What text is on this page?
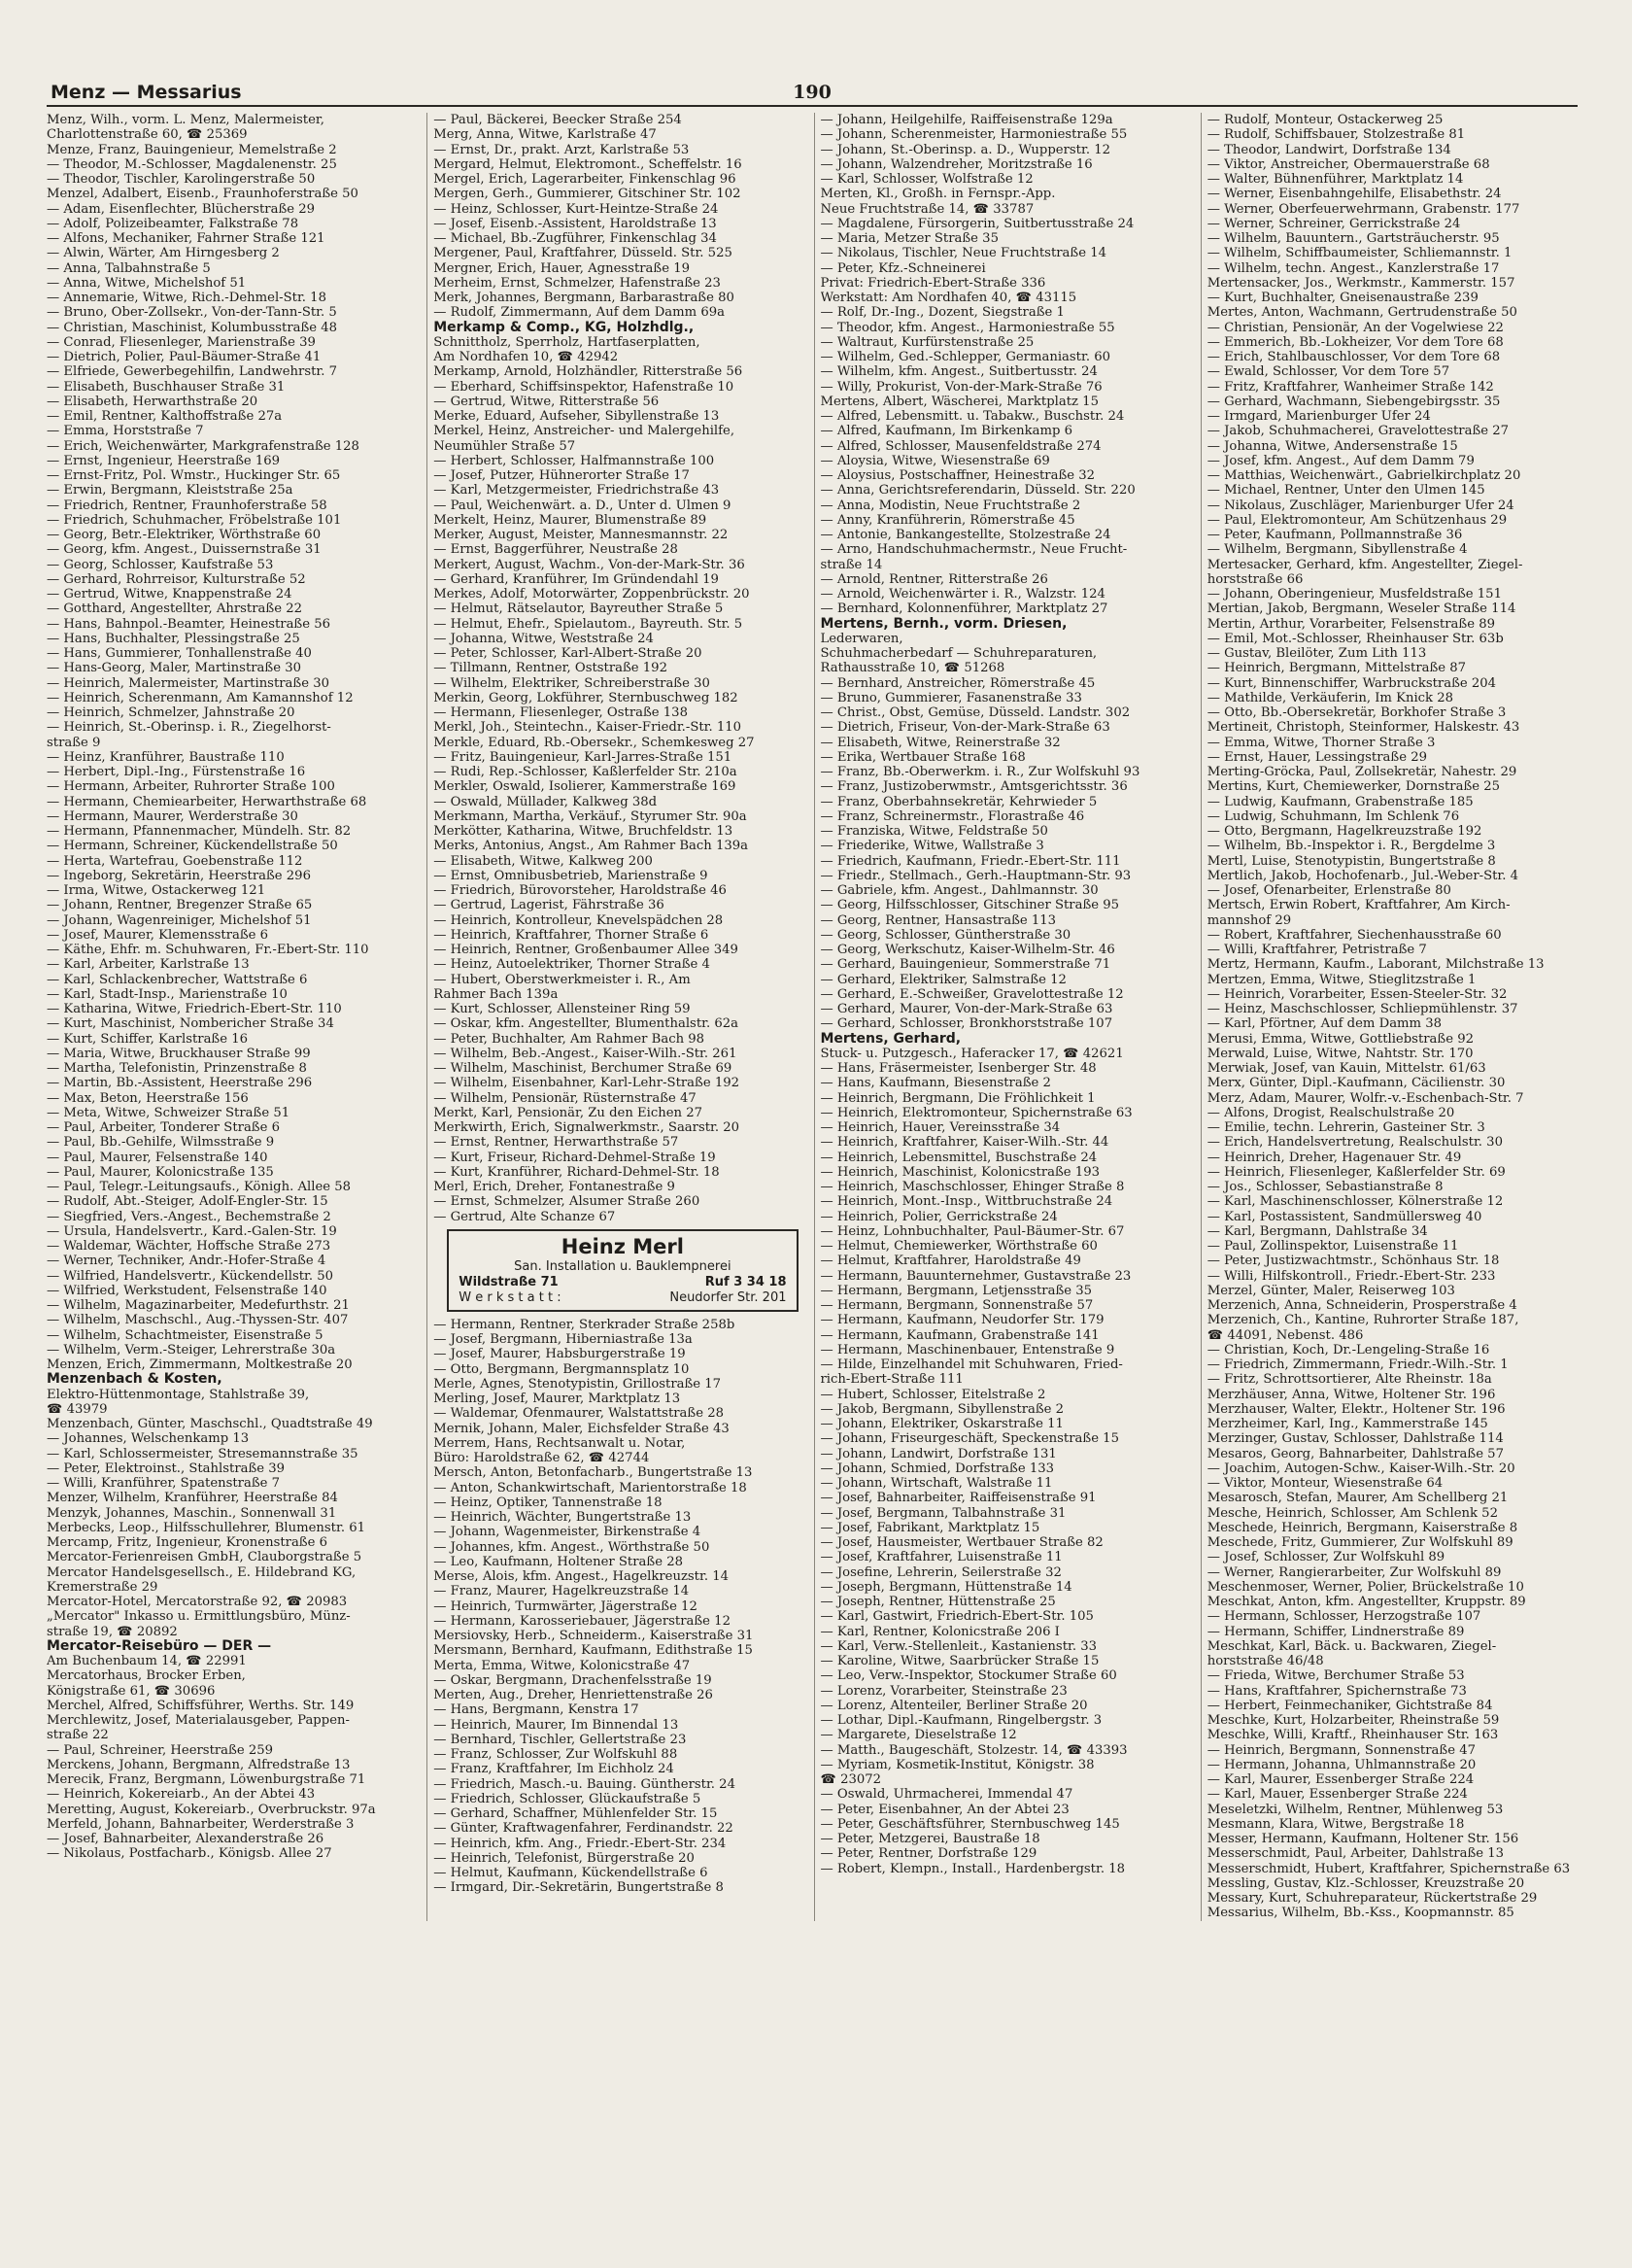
Menz — Messarius	190
Menz, Wilh., vorm. L. Menz, Malermeister,
Charlottenstraße 60, ☎ 25369
Menze, Franz, Bauingenieur, Memelstraße 2
— Theodor, M.-Schlosser, Magdalenenstr. 25
— Theodor, Tischler, Karolingerstraße 50
Menzel, Adalbert, Eisenb., Fraunhoferstraße 50
— Adam, Eisenflechter, Blücherstraße 29
— Adolf, Polizeibeamter, Falkstraße 78
— Alfons, Mechaniker, Fahrner Straße 121
— Alwin, Wärter, Am Hirngesberg 2
— Anna, Talbahnstraße 5
— Anna, Witwe, Michelshof 51
— Annemarie, Witwe, Rich.-Dehmel-Str. 18
— Bruno, Ober-Zollsekr., Von-der-Tann-Str. 5
— Christian, Maschinist, Kolumbusstraße 48
— Conrad, Fliesenleger, Marienstraße 39
— Dietrich, Polier, Paul-Bäumer-Straße 41
— Elfriede, Gewerbegehilfin, Landwehrstr. 7
— Elisabeth, Buschhauser Straße 31
— Elisabeth, Herwarthstraße 20
— Emil, Rentner, Kalthoffstraße 27a
— Emma, Horststraße 7
— Erich, Weichenwärter, Markgrafenstraße 128
— Ernst, Ingenieur, Heerstraße 169
— Ernst-Fritz, Pol. Wmstr., Huckinger Str. 65
— Erwin, Bergmann, Kleiststraße 25a
— Friedrich, Rentner, Fraunhoferstraße 58
— Friedrich, Schuhmacher, Fröbelstraße 101
— Georg, Betr.-Elektriker, Wörthstraße 60
— Georg, kfm. Angest., Duissernstraße 31
— Georg, Schlosser, Kaufstraße 53
— Gerhard, Rohrreisor, Kulturstraße 52
— Gertrud, Witwe, Knappenstraße 24
— Gotthard, Angestellter, Ahrstraße 22
— Hans, Bahnpol.-Beamter, Heinestraße 56
— Hans, Buchhalter, Plessingstraße 25
— Hans, Gummierer, Tonhallenstraße 40
— Hans-Georg, Maler, Martinstraße 30
— Heinrich, Malermeister, Martinstraße 30
— Heinrich, Scherenmann, Am Kamannshof 12
— Heinrich, Schmelzer, Jahnstraße 20
— Heinrich, St.-Oberinsp. i. R., Ziegelhorst-
straße 9
— Heinz, Kranführer, Baustraße 110
— Herbert, Dipl.-Ing., Fürstenstraße 16
— Hermann, Arbeiter, Ruhrorter Straße 100
— Hermann, Chemiearbeiter, Herwarthstraße 68
— Hermann, Maurer, Werderstraße 30
— Hermann, Pfannenmacher, Mündelh. Str. 82
— Hermann, Schreiner, Kückendellstraße 50
— Herta, Wartefrau, Goebenstraße 112
— Ingeborg, Sekretärin, Heerstraße 296
— Irma, Witwe, Ostackerweg 121
— Johann, Rentner, Bregenzer Straße 65
— Johann, Wagenreiniger, Michelshof 51
— Josef, Maurer, Klemensstraße 6
— Käthe, Ehfr. m. Schuhwaren, Fr.-Ebert-Str. 110
— Karl, Arbeiter, Karlstraße 13
— Karl, Schlackenbrecher, Wattstraße 6
— Karl, Stadt-Insp., Marienstraße 10
— Katharina, Witwe, Friedrich-Ebert-Str. 110
— Kurt, Maschinist, Nombericher Straße 34
— Kurt, Schiffer, Karlstraße 16
— Maria, Witwe, Bruckhauser Straße 99
— Martha, Telefonistin, Prinzenstraße 8
— Martin, Bb.-Assistent, Heerstraße 296
— Max, Beton, Heerstraße 156
— Meta, Witwe, Schweizer Straße 51
— Paul, Arbeiter, Tonderer Straße 6
— Paul, Bb.-Gehilfe, Wilmsstraße 9
— Paul, Maurer, Felsenstraße 140
— Paul, Maurer, Kolonicstraße 135
— Paul, Telegr.-Leitungsaufs., Königh. Allee 58
— Rudolf, Abt.-Steiger, Adolf-Engler-Str. 15
— Siegfried, Vers.-Angest., Bechemstraße 2
— Ursula, Handelsvertr., Kard.-Galen-Str. 19
— Waldemar, Wächter, Hoffsche Straße 273
— Werner, Techniker, Andr.-Hofer-Straße 4
— Wilfried, Handelsvertr., Kückendellstr. 50
— Wilfried, Werkstudent, Felsenstraße 140
— Wilhelm, Magazinarbeiter, Medefurthstr. 21
— Wilhelm, Maschschl., Aug.-Thyssen-Str. 407
— Wilhelm, Schachtmeister, Eisenstraße 5
— Wilhelm, Verm.-Steiger, Lehrerstraße 30a
Menzen, Erich, Zimmermann, Moltkestraße 20
Menzenbach & Kosten,
Elektro-Hüttenmontage, Stahlstraße 39,
☎ 43979
Menzenbach, Günter, Maschschl., Quadtstraße 49
— Johannes, Welschenkamp 13
— Karl, Schlossermeister, Stresemannstraße 35
— Peter, Elektroinst., Stahlstraße 39
— Willi, Kranführer, Spatenstraße 7
Menzer, Wilhelm, Kranführer, Heerstraße 84
Menzyk, Johannes, Maschin., Sonnenwall 31
Merbecks, Leop., Hilfsschullehrer, Blumenstr. 61
Mercamp, Fritz, Ingenieur, Kronenstraße 6
Mercator-Ferienreisen GmbH, Clauborgstraße 5
Mercator Handelsgesellsch., E. Hildebrand KG,
Kremerstraße 29
Mercator-Hotel, Mercatorstraße 92, ☎ 20983
„Mercator" Inkasso u. Ermittlungsbüro, Münz-
straße 19, ☎ 20892
Mercator-Reisebüro — DER —
Am Buchenbaum 14, ☎ 22991
Mercatorhaus, Brocker Erben,
Königstraße 61, ☎ 30696
Merchel, Alfred, Schiffsführer, Werths. Str. 149
Merchlewitz, Josef, Materialausgeber, Pappen-
straße 22
— Paul, Schreiner, Heerstraße 259
Merckens, Johann, Bergmann, Alfredstraße 13
Merecik, Franz, Bergmann, Löwenburgstraße 71
— Heinrich, Kokereiarb., An der Abtei 43
Meretting, August, Kokereiarb., Overbruckstr. 97a
Merfeld, Johann, Bahnarbeiter, Werderstraße 3
— Josef, Bahnarbeiter, Alexanderstraße 26
— Nikolaus, Postfacharb., Königsb. Allee 27
— Paul, Bäckerei, Beecker Straße 254
Merg, Anna, Witwe, Karlstraße 47
— Ernst, Dr., prakt. Arzt, Karlstraße 53
Mergard, Helmut, Elektromont., Scheffelstr. 16
Mergel, Erich, Lagerarbeiter, Finkenschlag 96
Mergen, Gerh., Gummierer, Gitschiner Str. 102
— Heinz, Schlosser, Kurt-Heintze-Straße 24
— Josef, Eisenb.-Assistent, Haroldstraße 13
— Michael, Bb.-Zugführer, Finkenschlag 34
Mergener, Paul, Kraftfahrer, Düsseld. Str. 525
Mergner, Erich, Hauer, Agnesstraße 19
Merheim, Ernst, Schmelzer, Hafenstraße 23
Merk, Johannes, Bergmann, Barbarastraße 80
— Rudolf, Zimmermann, Auf dem Damm 69a
Merkamp & Comp., KG, Holzhdlg.,
Schnittholz, Sperrholz, Hartfaserplatten,
Am Nordhafen 10, ☎ 42942
Merkamp, Arnold, Holzhändler, Ritterstraße 56
— Eberhard, Schiffsinspektor, Hafenstraße 10
— Gertrud, Witwe, Ritterstraße 56
Merke, Eduard, Aufseher, Sibyllenstraße 13
Merkel, Heinz, Anstreicher- und Malergehilfe,
Neumühler Straße 57
— Herbert, Schlosser, Halfmannstraße 100
— Josef, Putzer, Hühnerorter Straße 17
— Karl, Metzgermeister, Friedrichstraße 43
— Paul, Weichenwärt. a. D., Unter d. Ulmen 9
Merkelt, Heinz, Maurer, Blumenstraße 89
Merker, August, Meister, Mannesmannstr. 22
— Ernst, Baggerführer, Neustraße 28
Merkert, August, Wachm., Von-der-Mark-Str. 36
— Gerhard, Kranführer, Im Gründendahl 19
Merkes, Adolf, Motorwärter, Zoppenbrückstr. 20
— Helmut, Rätselautor, Bayreuther Straße 5
— Helmut, Ehefr., Spielautom., Bayreuth. Str. 5
— Johanna, Witwe, Weststraße 24
— Peter, Schlosser, Karl-Albert-Straße 20
— Tillmann, Rentner, Oststraße 192
— Wilhelm, Elektriker, Schreiberstraße 30
Merkin, Georg, Lokführer, Sternbuschweg 182
— Hermann, Fliesenleger, Ostraße 138
Merkl, Joh., Steintechn., Kaiser-Friedr.-Str. 110
Merkle, Eduard, Rb.-Obersekr., Schemkesweg 27
— Fritz, Bauingenieur, Karl-Jarres-Straße 151
— Rudi, Rep.-Schlosser, Kaßlerfelder Str. 210a
Merkler, Oswald, Isolierer, Kammerstraße 169
— Oswald, Müllader, Kalkweg 38d
Merkmann, Martha, Verkäuf., Styrumer Str. 90a
Merkötter, Katharina, Witwe, Bruchfeldstr. 13
Merks, Antonius, Angst., Am Rahmer Bach 139a
— Elisabeth, Witwe, Kalkweg 200
— Ernst, Omnibusbetrieb, Marienstraße 9
— Friedrich, Bürovorsteher, Haroldstraße 46
— Gertrud, Lagerist, Fährstraße 36
— Heinrich, Kontrolleur, Knevelspädchen 28
— Heinrich, Kraftfahrer, Thorner Straße 6
— Heinrich, Rentner, Großenbaumer Allee 349
— Heinz, Autoelektriker, Thorner Straße 4
— Hubert, Oberstwerkmeister i. R., Am
Rahmer Bach 139a
— Kurt, Schlosser, Allensteiner Ring 59
— Oskar, kfm. Angestellter, Blumenthalstr. 62a
— Peter, Buchhalter, Am Rahmer Bach 98
— Wilhelm, Beb.-Angest., Kaiser-Wilh.-Str. 261
— Wilhelm, Maschinist, Berchumer Straße 69
— Wilhelm, Eisenbahner, Karl-Lehr-Straße 192
— Wilhelm, Pensionär, Rüsternstraße 47
Merkt, Karl, Pensionär, Zu den Eichen 27
Merkwirth, Erich, Signalwerkmstr., Saarstr. 20
— Ernst, Rentner, Herwarthstraße 57
— Kurt, Friseur, Richard-Dehmel-Straße 19
— Kurt, Kranführer, Richard-Dehmel-Str. 18
Merl, Erich, Dreher, Fontanestraße 9
— Ernst, Schmelzer, Alsumer Straße 260
— Gertrud, Alte Schanze 67
Heinz Merl
San. Installation u. Bauklempnerei
Wildstraße 71	Ruf 3 34 18
W e r k s t a t t :	Neudorfer Str. 201
— Hermann, Rentner, Sterkrader Straße 258b
— Josef, Bergmann, Hiberniastraße 13a
— Josef, Maurer, Habsburgerstraße 19
— Otto, Bergmann, Bergmannsplatz 10
Merle, Agnes, Stenotypistin, Grillostraße 17
Merling, Josef, Maurer, Marktplatz 13
— Waldemar, Ofenmaurer, Walstattstraße 28
Mernik, Johann, Maler, Eichsfelder Straße 43
Merrem, Hans, Rechtsanwalt u. Notar,
Büro: Haroldstraße 62, ☎ 42744
Mersch, Anton, Betonfacharb., Bungertstraße 13
— Anton, Schankwirtschaft, Marientorstraße 18
— Heinz, Optiker, Tannenstraße 18
— Heinrich, Wächter, Bungertstraße 13
— Johann, Wagenmeister, Birkenstraße 4
— Johannes, kfm. Angest., Wörthstraße 50
— Leo, Kaufmann, Holtener Straße 28
Merse, Alois, kfm. Angest., Hagelkreuzstr. 14
— Franz, Maurer, Hagelkreuzstraße 14
— Heinrich, Turmwärter, Jägerstraße 12
— Hermann, Karosseriebauer, Jägerstraße 12
Mersiovsky, Herb., Schneiderm., Kaiserstraße 31
Mersmann, Bernhard, Kaufmann, Edithstraße 15
Merta, Emma, Witwe, Kolonicstraße 47
— Oskar, Bergmann, Drachenfelsstraße 19
Merten, Aug., Dreher, Henriettenstraße 26
— Hans, Bergmann, Kenstra 17
— Heinrich, Maurer, Im Binnendal 13
— Bernhard, Tischler, Gellertstraße 23
— Franz, Schlosser, Zur Wolfskuhl 88
— Franz, Kraftfahrer, Im Eichholz 24
— Friedrich, Masch.-u. Bauing. Güntherstr. 24
— Friedrich, Schlosser, Glückaufstraße 5
— Gerhard, Schaffner, Mühlenfelder Str. 15
— Günter, Kraftwagenfahrer, Ferdinandstr. 22
— Heinrich, kfm. Ang., Friedr.-Ebert-Str. 234
— Heinrich, Telefonist, Bürgerstraße 20
— Helmut, Kaufmann, Kückendellstraße 6
— Irmgard, Dir.-Sekretärin, Bungertstraße 8
— Johann, Heilgehilfe, Raiffeisenstraße 129a
— Johann, Scherenmeister, Harmoniestraße 55
— Johann, St.-Oberinsp. a. D., Wupperstr. 12
— Johann, Walzendreher, Moritzstraße 16
— Karl, Schlosser, Wolfstraße 12
Merten, Kl., Großh. in Fernspr.-App.
Neue Fruchtstraße 14, ☎ 33787
— Magdalene, Fürsorgerin, Suitbertusstraße 24
— Maria, Metzer Straße 35
— Nikolaus, Tischler, Neue Fruchtstraße 14
— Peter, Kfz.-Schneinerei
Privat: Friedrich-Ebert-Straße 336
Werkstatt: Am Nordhafen 40, ☎ 43115
— Rolf, Dr.-Ing., Dozent, Siegstraße 1
— Theodor, kfm. Angest., Harmoniestraße 55
— Waltraut, Kurfürstenstraße 25
— Wilhelm, Ged.-Schlepper, Germaniastr. 60
— Wilhelm, kfm. Angest., Suitbertusstr. 24
— Willy, Prokurist, Von-der-Mark-Straße 76
Mertens, Albert, Wäscherei, Marktplatz 15
— Alfred, Lebensmitt. u. Tabakw., Buschstr. 24
— Alfred, Kaufmann, Im Birkenkamp 6
— Alfred, Schlosser, Mausenfeldstraße 274
— Aloysia, Witwe, Wiesenstraße 69
— Aloysius, Postschaffner, Heinestraße 32
— Anna, Gerichtsreferendarin, Düsseld. Str. 220
— Anna, Modistin, Neue Fruchtstraße 2
— Anny, Kranführerin, Römerstraße 45
— Antonie, Bankangestellte, Stolzestraße 24
— Arno, Handschuhmachermstr., Neue Frucht-
straße 14
— Arnold, Rentner, Ritterstraße 26
— Arnold, Weichenwärter i. R., Walzstr. 124
— Bernhard, Kolonnenführer, Marktplatz 27
Mertens, Bernh., vorm. Driesen,
Lederwaren,
Schuhmacherbedarf — Schuhreparaturen,
Rathausstraße 10, ☎ 51268
— Bernhard, Anstreicher, Römerstraße 45
— Bruno, Gummierer, Fasanenstraße 33
— Christ., Obst, Gemüse, Düsseld. Landstr. 302
— Dietrich, Friseur, Von-der-Mark-Straße 63
— Elisabeth, Witwe, Reinerstraße 32
— Erika, Wertbauer Straße 168
— Franz, Bb.-Oberwerkm. i. R., Zur Wolfskuhl 93
— Franz, Justizoberwmstr., Amtsgerichtsstr. 36
— Franz, Oberbahnsekretär, Kehrwieder 5
— Franz, Schreinermstr., Florastraße 46
— Franziska, Witwe, Feldstraße 50
— Friederike, Witwe, Wallstraße 3
— Friedrich, Kaufmann, Friedr.-Ebert-Str. 111
— Friedr., Stellmach., Gerh.-Hauptmann-Str. 93
— Gabriele, kfm. Angest., Dahlmannstr. 30
— Georg, Hilfsschlosser, Gitschiner Straße 95
— Georg, Rentner, Hansastraße 113
— Georg, Schlosser, Güntherstraße 30
— Georg, Werkschutz, Kaiser-Wilhelm-Str. 46
— Gerhard, Bauingenieur, Sommerstraße 71
— Gerhard, Elektriker, Salmstraße 12
— Gerhard, E.-Schweißer, Gravelottestraße 12
— Gerhard, Maurer, Von-der-Mark-Straße 63
— Gerhard, Schlosser, Bronkhorststraße 107
Mertens, Gerhard,
Stuck- u. Putzgesch., Haferacker 17, ☎ 42621
— Hans, Fräsermeister, Isenberger Str. 48
— Hans, Kaufmann, Biesenstraße 2
— Heinrich, Bergmann, Die Fröhlichkeit 1
— Heinrich, Elektromonteur, Spichernstraße 63
— Heinrich, Hauer, Vereinsstraße 34
— Heinrich, Kraftfahrer, Kaiser-Wilh.-Str. 44
— Heinrich, Lebensmittel, Buschstraße 24
— Heinrich, Maschinist, Kolonicstraße 193
— Heinrich, Maschschlosser, Ehinger Straße 8
— Heinrich, Mont.-Insp., Wittbruchstraße 24
— Heinrich, Polier, Gerrickstraße 24
— Heinz, Lohnbuchhalter, Paul-Bäumer-Str. 67
— Helmut, Chemiewerker, Wörthstraße 60
— Helmut, Kraftfahrer, Haroldstraße 49
— Hermann, Bauunternehmer, Gustavstraße 23
— Hermann, Bergmann, Letjensstraße 35
— Hermann, Bergmann, Sonnenstraße 57
— Hermann, Kaufmann, Neudorfer Str. 179
— Hermann, Kaufmann, Grabenstraße 141
— Hermann, Maschinenbauer, Entenstraße 9
— Hilde, Einzelhandel mit Schuhwaren, Fried-
rich-Ebert-Straße 111
— Hubert, Schlosser, Eitelstraße 2
— Jakob, Bergmann, Sibyllenstraße 2
— Johann, Elektriker, Oskarstraße 11
— Johann, Friseurgeschäft, Speckenstraße 15
— Johann, Landwirt, Dorfstraße 131
— Johann, Schmied, Dorfstraße 133
— Johann, Wirtschaft, Walstraße 11
— Josef, Bahnarbeiter, Raiffeisenstraße 91
— Josef, Bergmann, Talbahnstraße 31
— Josef, Fabrikant, Marktplatz 15
— Josef, Hausmeister, Wertbauer Straße 82
— Josef, Kraftfahrer, Luisenstraße 11
— Josefine, Lehrerin, Seilerstraße 32
— Joseph, Bergmann, Hüttenstraße 14
— Joseph, Rentner, Hüttenstraße 25
— Karl, Gastwirt, Friedrich-Ebert-Str. 105
— Karl, Rentner, Kolonicstraße 206 I
— Karl, Verw.-Stellenleit., Kastanienstr. 33
— Karoline, Witwe, Saarbrücker Straße 15
— Leo, Verw.-Inspektor, Stockumer Straße 60
— Lorenz, Vorarbeiter, Steinstraße 23
— Lorenz, Altenteiler, Berliner Straße 20
— Lothar, Dipl.-Kaufmann, Ringelbergstr. 3
— Margarete, Dieselstraße 12
— Matth., Baugeschäft, Stolzestr. 14, ☎ 43393
— Myriam, Kosmetik-Institut, Königstr. 38
☎ 23072
— Oswald, Uhrmacherei, Immendal 47
— Peter, Eisenbahner, An der Abtei 23
— Peter, Geschäftsführer, Sternbuschweg 145
— Peter, Metzgerei, Baustraße 18
— Peter, Rentner, Dorfstraße 129
— Robert, Klempn., Install., Hardenbergstr. 18
— Rudolf, Monteur, Ostackerweg 25
— Rudolf, Schiffsbauer, Stolzestraße 81
— Theodor, Landwirt, Dorfstraße 134
— Viktor, Anstreicher, Obermauerstraße 68
— Walter, Bühnenführer, Marktplatz 14
— Werner, Eisenbahngehilfe, Elisabethstr. 24
— Werner, Oberfeuerwehrmann, Grabenstr. 177
— Werner, Schreiner, Gerrickstraße 24
— Wilhelm, Bauuntern., Gartsträucherstr. 95
— Wilhelm, Schiffbaumeister, Schliemannstr. 1
— Wilhelm, techn. Angest., Kanzlerstraße 17
Mertensacker, Jos., Werkmstr., Kammerstr. 157
— Kurt, Buchhalter, Gneisenaustraße 239
Mertes, Anton, Wachmann, Gertrudenstraße 50
— Christian, Pensionär, An der Vogelwiese 22
— Emmerich, Bb.-Lokheizer, Vor dem Tore 68
— Erich, Stahlbauschlosser, Vor dem Tore 68
— Ewald, Schlosser, Vor dem Tore 57
— Fritz, Kraftfahrer, Wanheimer Straße 142
— Gerhard, Wachmann, Siebengebirgsstr. 35
— Irmgard, Marienburger Ufer 24
— Jakob, Schuhmacherei, Gravelottestraße 27
— Johanna, Witwe, Andersenstraße 15
— Josef, kfm. Angest., Auf dem Damm 79
— Matthias, Weichenwärt., Gabrielkirchplatz 20
— Michael, Rentner, Unter den Ulmen 145
— Nikolaus, Zuschläger, Marienburger Ufer 24
— Paul, Elektromonteur, Am Schützenhaus 29
— Peter, Kaufmann, Pollmannstraße 36
— Wilhelm, Bergmann, Sibyllenstraße 4
Mertesacker, Gerhard, kfm. Angestellter, Ziegel-
horststraße 66
— Johann, Oberingenieur, Musfeldstraße 151
Mertian, Jakob, Bergmann, Weseler Straße 114
Mertin, Arthur, Vorarbeiter, Felsenstraße 89
— Emil, Mot.-Schlosser, Rheinhauser Str. 63b
— Gustav, Bleilöter, Zum Lith 113
— Heinrich, Bergmann, Mittelstraße 87
— Kurt, Binnenschiffer, Warbruckstraße 204
— Mathilde, Verkäuferin, Im Knick 28
— Otto, Bb.-Obersekretär, Borkhofer Straße 3
Mertineit, Christoph, Steinformer, Halskestr. 43
— Emma, Witwe, Thorner Straße 3
— Ernst, Hauer, Lessingstraße 29
Merting-Gröcka, Paul, Zollsekretär, Nahestr. 29
Mertins, Kurt, Chemiewerker, Dornstraße 25
— Ludwig, Kaufmann, Grabenstraße 185
— Ludwig, Schuhmann, Im Schlenk 76
— Otto, Bergmann, Hagelkreuzstraße 192
— Wilhelm, Bb.-Inspektor i. R., Bergdelme 3
Mertl, Luise, Stenotypistin, Bungertstraße 8
Mertlich, Jakob, Hochofenarb., Jul.-Weber-Str. 4
— Josef, Ofenarbeiter, Erlenstraße 80
Mertsch, Erwin Robert, Kraftfahrer, Am Kirch-
mannshof 29
— Robert, Kraftfahrer, Siechenhausstraße 60
— Willi, Kraftfahrer, Petristraße 7
Mertz, Hermann, Kaufm., Laborant, Milchstraße 13
Mertzen, Emma, Witwe, Stieglitzstraße 1
— Heinrich, Vorarbeiter, Essen-Steeler-Str. 32
— Heinz, Maschschlosser, Schliepmühlenstr. 37
— Karl, Pförtner, Auf dem Damm 38
Merusi, Emma, Witwe, Gottliebstraße 92
Merwald, Luise, Witwe, Nahtstr. Str. 170
Merwiak, Josef, van Kauin, Mittelstr. 61/63
Merx, Günter, Dipl.-Kaufmann, Cäcilienstr. 30
Merz, Adam, Maurer, Wolfr.-v.-Eschenbach-Str. 7
— Alfons, Drogist, Realschulstraße 20
— Emilie, techn. Lehrerin, Gasteiner Str. 3
— Erich, Handelsvertretung, Realschulstr. 30
— Heinrich, Dreher, Hagenauer Str. 49
— Heinrich, Fliesenleger, Kaßlerfelder Str. 69
— Jos., Schlosser, Sebastianstraße 8
— Karl, Maschinenschlosser, Kölnerstraße 12
— Karl, Postassistent, Sandmüllersweg 40
— Karl, Bergmann, Dahlstraße 34
— Paul, Zollinspektor, Luisenstraße 11
— Peter, Justizwachtmstr., Schönhaus Str. 18
— Willi, Hilfskontroll., Friedr.-Ebert-Str. 233
Merzel, Günter, Maler, Reiserweg 103
Merzenich, Anna, Schneiderin, Prosperstraße 4
Merzenich, Ch., Kantine, Ruhrorter Straße 187,
☎ 44091, Nebenst. 486
— Christian, Koch, Dr.-Lengeling-Straße 16
— Friedrich, Zimmermann, Friedr.-Wilh.-Str. 1
— Fritz, Schrottsortierer, Alte Rheinstr. 18a
Merzhäuser, Anna, Witwe, Holtener Str. 196
Merzhauser, Walter, Elektr., Holtener Str. 196
Merzheimer, Karl, Ing., Kammerstraße 145
Merzinger, Gustav, Schlosser, Dahlstraße 114
Mesaros, Georg, Bahnarbeiter, Dahlstraße 57
— Joachim, Autogen-Schw., Kaiser-Wilh.-Str. 20
— Viktor, Monteur, Wiesenstraße 64
Mesarosch, Stefan, Maurer, Am Schellberg 21
Mesche, Heinrich, Schlosser, Am Schlenk 52
Meschede, Heinrich, Bergmann, Kaiserstraße 8
Meschede, Fritz, Gummierer, Zur Wolfskuhl 89
— Josef, Schlosser, Zur Wolfskuhl 89
— Werner, Rangierarbeiter, Zur Wolfskuhl 89
Meschenmoser, Werner, Polier, Brückelstraße 10
Meschkat, Anton, kfm. Angestellter, Kruppstr. 89
— Hermann, Schlosser, Herzogstraße 107
— Hermann, Schiffer, Lindnerstraße 89
Meschkat, Karl, Bäck. u. Backwaren, Ziegel-
horststraße 46/48
— Frieda, Witwe, Berchumer Straße 53
— Hans, Kraftfahrer, Spichernstraße 73
— Herbert, Feinmechaniker, Gichtstraße 84
Meschke, Kurt, Holzarbeiter, Rheinstraße 59
Meschke, Willi, Kraftf., Rheinhauser Str. 163
— Heinrich, Bergmann, Sonnenstraße 47
— Hermann, Johanna, Uhlmannstraße 20
— Karl, Maurer, Essenberger Straße 224
— Karl, Mauer, Essenberger Straße 224
Meseletzki, Wilhelm, Rentner, Mühlenweg 53
Mesmann, Klara, Witwe, Bergstraße 18
Messer, Hermann, Kaufmann, Holtener Str. 156
Messerschmidt, Paul, Arbeiter, Dahlstraße 13
Messerschmidt, Hubert, Kraftfahrer, Spichernstraße 63
Messling, Gustav, Klz.-Schlosser, Kreuzstraße 20
Messary, Kurt, Schuhreparateur, Rückertstraße 29
Messarius, Wilhelm, Bb.-Kss., Koopmannstr. 85
